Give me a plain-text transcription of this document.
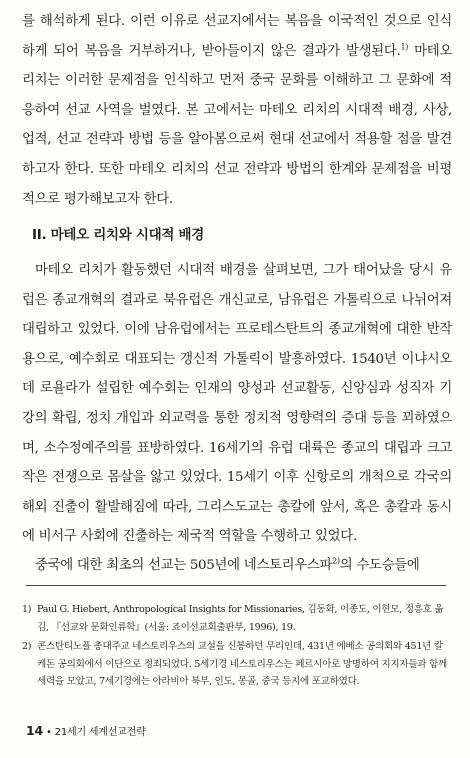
를 해석하게 된다. 이런 이유로 선교지에서는 복음을 이국적인 것으로 인식하게 되어 복음을 거부하거나, 받아들이지 않은 결과가 발생된다.$^{1)}$ 마테오 리치는 이러한 문제점을 인식하고 먼저 중국 문화를 이해하고 그 문화에 적응하여 선교 사역을 벌였다. 본 고에서는 마테오 리치의 시대적 배경, 사상, 업적, 선교 전략과 방법 등을 알아봄으로써 현대 선교에서 적용할 점을 발견하고자 한다. 또한 마테오 리치의 선교 전략과 방법의 한계와 문제점을 비평적으로 평가해보고자 한다.

II. 마테오 리치와 시대적 배경

마테오 리치가 활동했던 시대적 배경을 살펴보면, 그가 태어났을 당시 유럽은 종교개혁의 결과로 북유럽은 개신교로, 남유럽은 가톨릭으로 나뉘어져 대립하고 있었다. 이에 남유럽에서는 프로테스탄트의 종교개혁에 대한 반작용으로, 예수회로 대표되는 갱신적 가톨릭이 발흥하였다. 1540년 이냐시오 데 로욜라가 설립한 예수회는 인재의 양성과 선교활동, 신앙심과 성직자 기강의 확립, 정치 개입과 외교력을 통한 정치적 영향력의 증대 등을 꾀하였으며, 소수정예주의를 표방하였다. 16세기의 유럽 대륙은 종교의 대립과 크고 작은 전쟁으로 몸살을 앓고 있었다. 15세기 이후 신항로의 개척으로 각국의 해외 진출이 활발해짐에 따라, 그리스도교는 총칼에 앞서, 혹은 총칼과 동시에 비서구 사회에 진출하는 제국적 역할을 수행하고 있었다.

중국에 대한 최초의 선교는 505년에 네스토리우스파$^{2)}$의 수도승들에

1) Paul G. Hiebert, Anthropological Insights for Missionaries, 김동화, 이종도, 이현모, 정흥호 옮김, 『선교와 문화인류학』(서울: 죠이선교회출판부, 1996), 19.
2) 콘스탄티노플 총대주교 네스토리우스의 교설을 신봉하던 무리인데, 431년 에베소 공의회와 451년 칼케돈 공의회에서 이단으로 정죄되었다. 5세기경 네스토리우스는 페르시아로 망명하여 지지자들과 함께 세력을 모았고, 7세기경에는 아라비아 북부, 인도, 몽골, 중국 등지에 포교하였다.
14 • 21세기 세계선교전략
